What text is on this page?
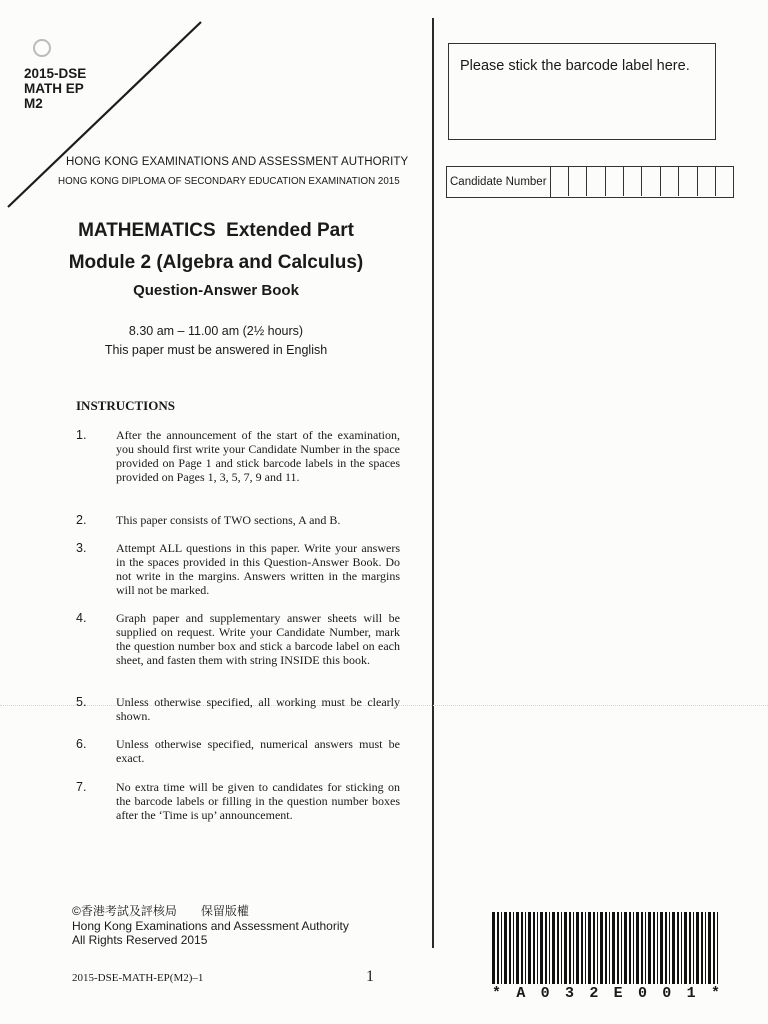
2015-DSE
MATH EP
M2
HONG KONG EXAMINATIONS AND ASSESSMENT AUTHORITY
HONG KONG DIPLOMA OF SECONDARY EDUCATION EXAMINATION 2015
MATHEMATICS  Extended Part
Module 2 (Algebra and Calculus)
Question-Answer Book
8.30 am – 11.00 am (2½ hours)
This paper must be answered in English
INSTRUCTIONS
1. After the announcement of the start of the examination, you should first write your Candidate Number in the space provided on Page 1 and stick barcode labels in the spaces provided on Pages 1, 3, 5, 7, 9 and 11.
2. This paper consists of TWO sections, A and B.
3. Attempt ALL questions in this paper. Write your answers in the spaces provided in this Question-Answer Book. Do not write in the margins. Answers written in the margins will not be marked.
4. Graph paper and supplementary answer sheets will be supplied on request. Write your Candidate Number, mark the question number box and stick a barcode label on each sheet, and fasten them with string INSIDE this book.
5. Unless otherwise specified, all working must be clearly shown.
6. Unless otherwise specified, numerical answers must be exact.
7. No extra time will be given to candidates for sticking on the barcode labels or filling in the question number boxes after the ‘Time is up’ announcement.
Please stick the barcode label here.
Candidate Number
©香港考試及評核局　　保留版權
Hong Kong Examinations and Assessment Authority
All Rights Reserved 2015
2015-DSE-MATH-EP(M2)–1	1
* A 0 3 2 E 0 0 1 *
